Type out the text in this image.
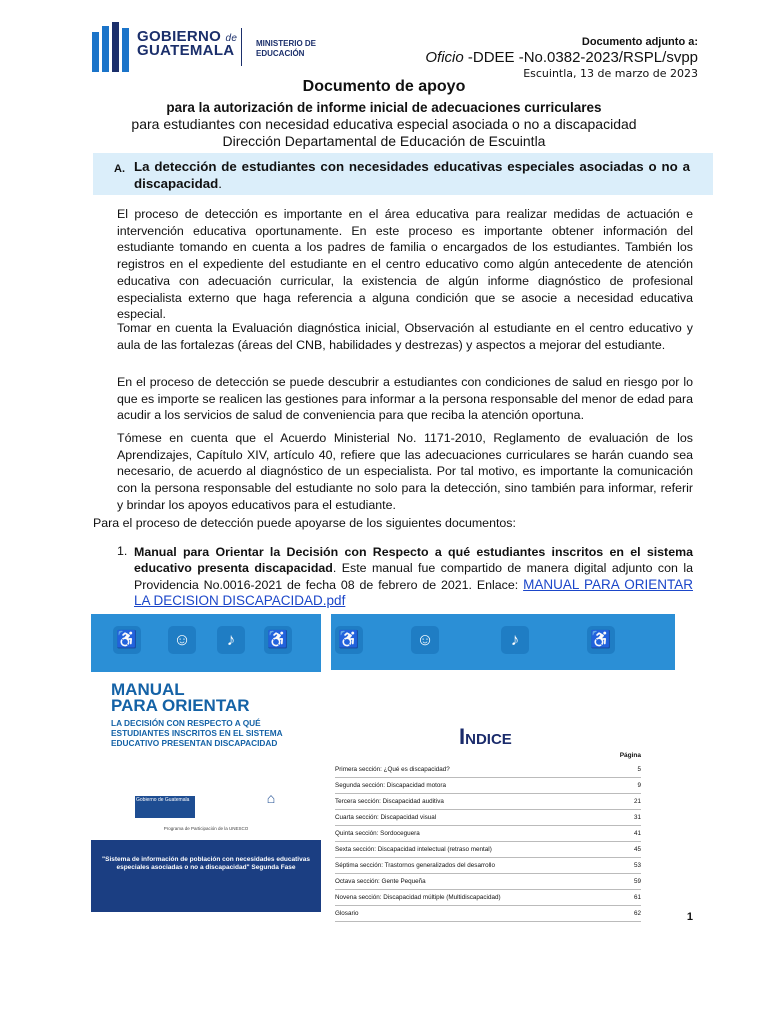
GOBIERNO de
GUATEMALA	MINISTERIO DE
EDUCACIÓN
Documento adjunto a:
Oficio -DDEE -No.0382-2023/RSPL/svpp
Escuintla, 13 de marzo de 2023
Documento de apoyo
para la autorización de informe inicial de adecuaciones curriculares
para estudiantes con necesidad educativa especial asociada o no a discapacidad
Dirección Departamental de Educación de Escuintla
A. La detección de estudiantes con necesidades educativas especiales asociadas o no a discapacidad.
El proceso de detección es importante en el área educativa para realizar medidas de actuación e intervención educativa oportunamente. En este proceso es importante obtener información del estudiante tomando en cuenta a los padres de familia o encargados de los estudiantes. También los registros en el expediente del estudiante en el centro educativo como algún antecedente de atención educativa con adecuación curricular, la existencia de algún informe diagnóstico de profesional especialista externo que haga referencia a alguna condición que se asocie a necesidad educativa especial.
Tomar en cuenta la Evaluación diagnóstica inicial, Observación al estudiante en el centro educativo y aula de las fortalezas (áreas del CNB, habilidades y destrezas) y aspectos a mejorar del estudiante.
En el proceso de detección se puede descubrir a estudiantes con condiciones de salud en riesgo por lo que es importe se realicen las gestiones para informar a la persona responsable del menor de edad para acudir a los servicios de salud de conveniencia para que reciba la atención oportuna.
Tómese en cuenta que el Acuerdo Ministerial No. 1171-2010, Reglamento de evaluación de los Aprendizajes, Capítulo XIV, artículo 40, refiere que las adecuaciones curriculares se harán cuando sea necesario, de acuerdo al diagnóstico de un especialista. Por tal motivo, es importante la comunicación con la persona responsable del estudiante no solo para la detección, sino también para informar, referir y brindar los apoyos educativos para el estudiante.
Para el proceso de detección puede apoyarse de los siguientes documentos:
1. Manual para Orientar la Decisión con Respecto a qué estudiantes inscritos en el sistema educativo presenta discapacidad. Este manual fue compartido de manera digital adjunto con la Providencia No.0016-2021 de fecha 08 de febrero de 2021. Enlace: MANUAL PARA ORIENTAR LA DECISION DISCAPACIDAD.pdf
♿	☺	♪	♿
MANUAL
PARA ORIENTAR
LA DECISIÓN CON RESPECTO A QUÉ ESTUDIANTES INSCRITOS EN EL SISTEMA EDUCATIVO PRESENTAN DISCAPACIDAD
Gobierno de Guatemala	⌂
Programa de Participación de la UNESCO
"Sistema de información de población con necesidades educativas especiales asociadas o no a discapacidad" Segunda Fase
♿	☺	♪	♿
INDICE
Página
Primera sección: ¿Qué es discapacidad?	5
Segunda sección: Discapacidad motora	9
Tercera sección: Discapacidad auditiva	21
Cuarta sección: Discapacidad visual	31
Quinta sección: Sordoceguera	41
Sexta sección: Discapacidad intelectual (retraso mental)	45
Séptima sección: Trastornos generalizados del desarrollo	53
Octava sección: Gente Pequeña	59
Novena sección: Discapacidad múltiple (Multidiscapacidad)	61
Glosario	62	1
